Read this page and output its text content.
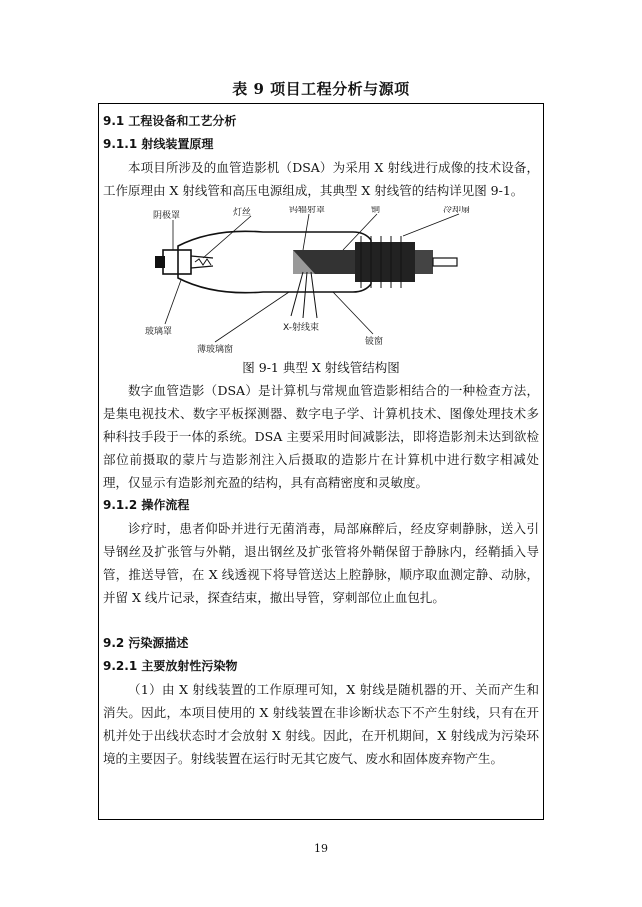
表 9 项目工程分析与源项
9.1 工程设备和工艺分析
9.1.1 射线装置原理

本项目所涉及的血管造影机（DSA）为采用 X 射线进行成像的技术设备，工作原理由 X 射线管和高压电源组成，其典型 X 射线管的结构详见图 9-1。

阴极罩	灯丝	钨辐射罩	铜	冷却扇
玻璃罩
薄玻璃窗
X-射线束
铍窗
图 9-1 典型 X 射线管结构图

数字血管造影（DSA）是计算机与常规血管造影相结合的一种检查方法，是集电视技术、数字平板探测器、数字电子学、计算机技术、图像处理技术多种科技手段于一体的系统。DSA 主要采用时间减影法，即将造影剂未达到欲检部位前摄取的蒙片与造影剂注入后摄取的造影片在计算机中进行数字相减处理，仅显示有造影剂充盈的结构，具有高精密度和灵敏度。

9.1.2 操作流程

诊疗时，患者仰卧并进行无菌消毒，局部麻醉后，经皮穿刺静脉，送入引导钢丝及扩张管与外鞘，退出钢丝及扩张管将外鞘保留于静脉内，经鞘插入导管，推送导管，在 X 线透视下将导管送达上腔静脉，顺序取血测定静、动脉，并留 X 线片记录，探查结束，撤出导管，穿刺部位止血包扎。

9.2 污染源描述
9.2.1 主要放射性污染物

（1）由 X 射线装置的工作原理可知，X 射线是随机器的开、关而产生和消失。因此，本项目使用的 X 射线装置在非诊断状态下不产生射线，只有在开机并处于出线状态时才会放射 X 射线。因此，在开机期间，X 射线成为污染环境的主要因子。射线装置在运行时无其它废气、废水和固体废弃物产生。

19
